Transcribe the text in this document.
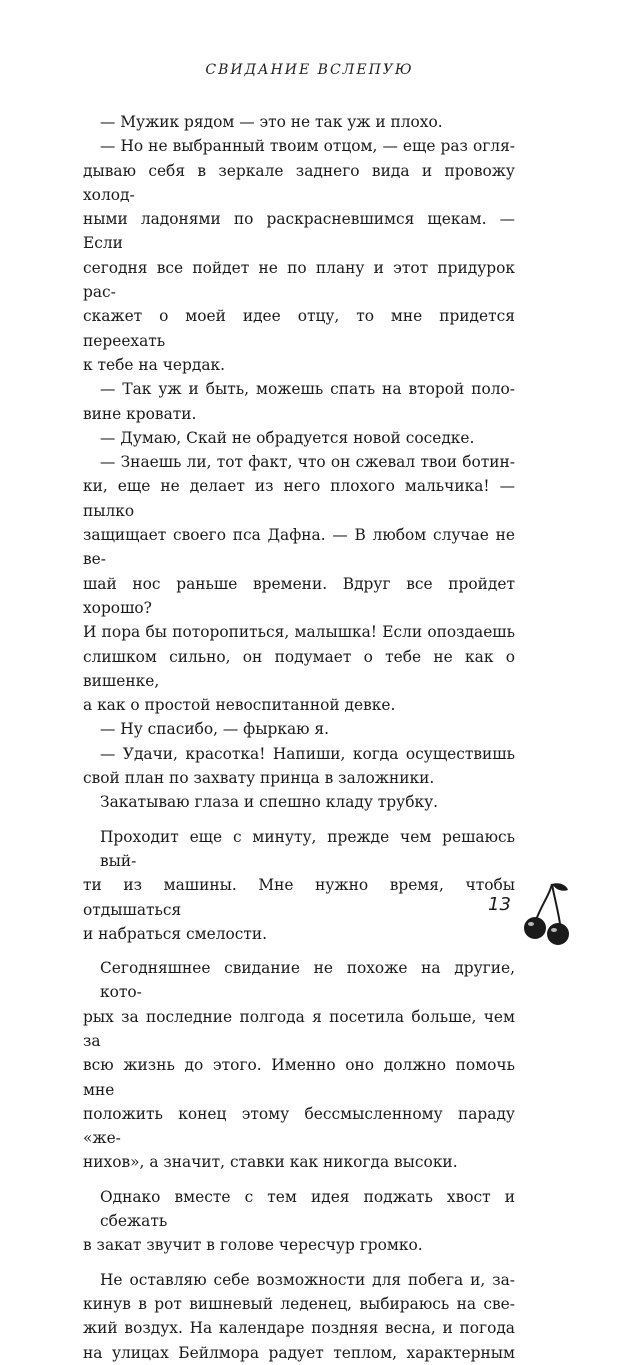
СВИДАНИЕ ВСЛЕПУЮ

— Мужик рядом — это не так уж и плохо.

— Но не выбранный твоим отцом, — еще раз огля-
дываю себя в зеркале заднего вида и провожу холод-
ными ладонями по раскрасневшимся щекам. — Если
сегодня все пойдет не по плану и этот придурок рас-
скажет о моей идее отцу, то мне придется переехать
к тебе на чердак.

— Так уж и быть, можешь спать на второй поло-
вине кровати.

— Думаю, Скай не обрадуется новой соседке.

— Знаешь ли, тот факт, что он сжевал твои ботин-
ки, еще не делает из него плохого мальчика! — пылко
защищает своего пса Дафна. — В любом случае не ве-
шай нос раньше времени. Вдруг все пройдет хорошо?
И пора бы поторопиться, малышка! Если опоздаешь
слишком сильно, он подумает о тебе не как о вишенке,
а как о простой невоспитанной девке.

— Ну спасибо, — фыркаю я.

— Удачи, красотка! Напиши, когда осуществишь
свой план по захвату принца в заложники.

Закатываю глаза и спешно кладу трубку.

Проходит еще с минуту, прежде чем решаюсь вый-
ти из машины. Мне нужно время, чтобы отдышаться
и набраться смелости.

Сегодняшнее свидание не похоже на другие, кото-
рых за последние полгода я посетила больше, чем за
всю жизнь до этого. Именно оно должно помочь мне
положить конец этому бессмысленному параду «же-
нихов», а значит, ставки как никогда высоки.

Однако вместе с тем идея поджать хвост и сбежать
в закат звучит в голове чересчур громко.

Не оставляю себе возможности для побега и, за-
кинув в рот вишневый леденец, выбираюсь на све-
жий воздух. На календаре поздняя весна, и погода
на улицах Бейлмора радует теплом, характерным

13
